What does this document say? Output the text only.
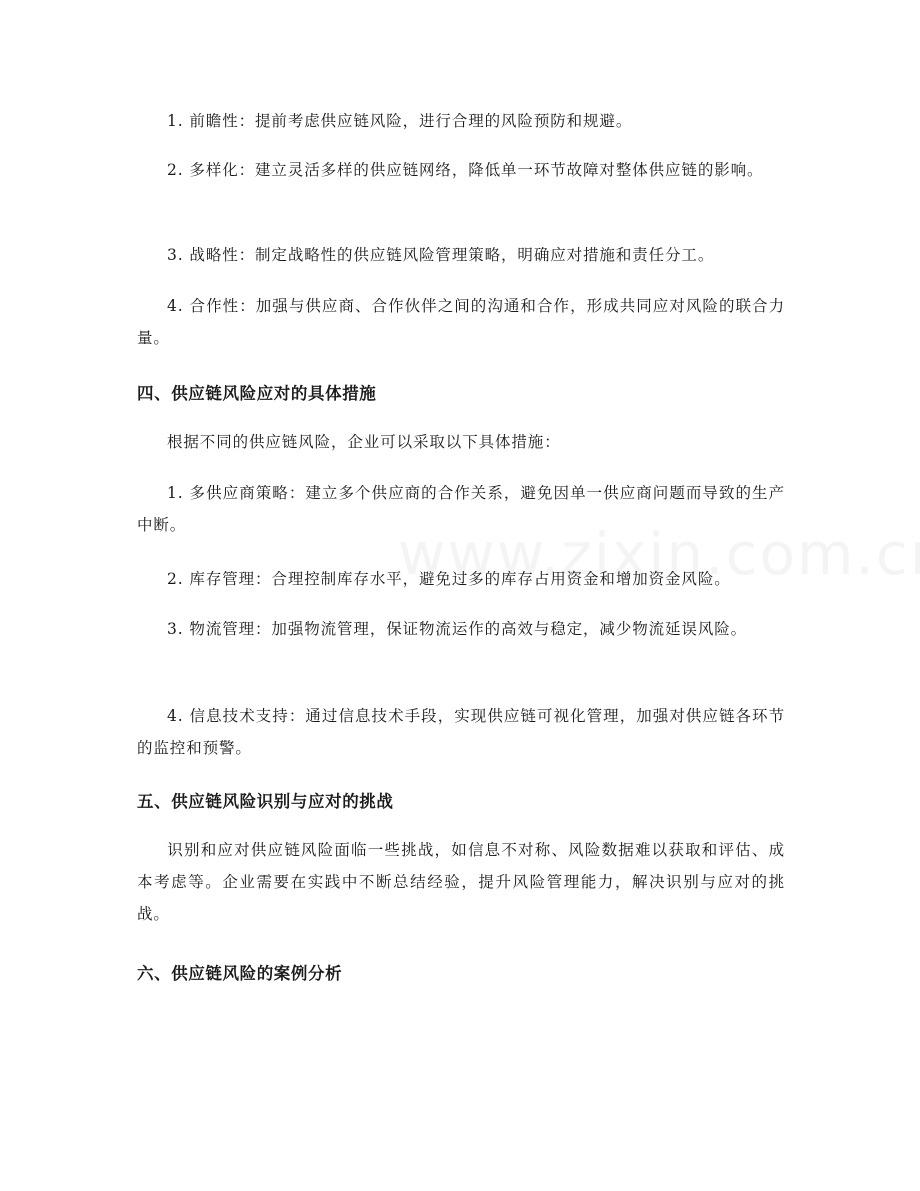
1. 前瞻性：提前考虑供应链风险，进行合理的风险预防和规避。

2. 多样化：建立灵活多样的供应链网络，降低单一环节故障对整体供应链的影响。

3. 战略性：制定战略性的供应链风险管理策略，明确应对措施和责任分工。

4. 合作性：加强与供应商、合作伙伴之间的沟通和合作，形成共同应对风险的联合力量。

四、供应链风险应对的具体措施

根据不同的供应链风险，企业可以采取以下具体措施：

1. 多供应商策略：建立多个供应商的合作关系，避免因单一供应商问题而导致的生产中断。

2. 库存管理：合理控制库存水平，避免过多的库存占用资金和增加资金风险。

3. 物流管理：加强物流管理，保证物流运作的高效与稳定，减少物流延误风险。

4. 信息技术支持：通过信息技术手段，实现供应链可视化管理，加强对供应链各环节的监控和预警。

五、供应链风险识别与应对的挑战

识别和应对供应链风险面临一些挑战，如信息不对称、风险数据难以获取和评估、成本考虑等。企业需要在实践中不断总结经验，提升风险管理能力，解决识别与应对的挑战。

六、供应链风险的案例分析
